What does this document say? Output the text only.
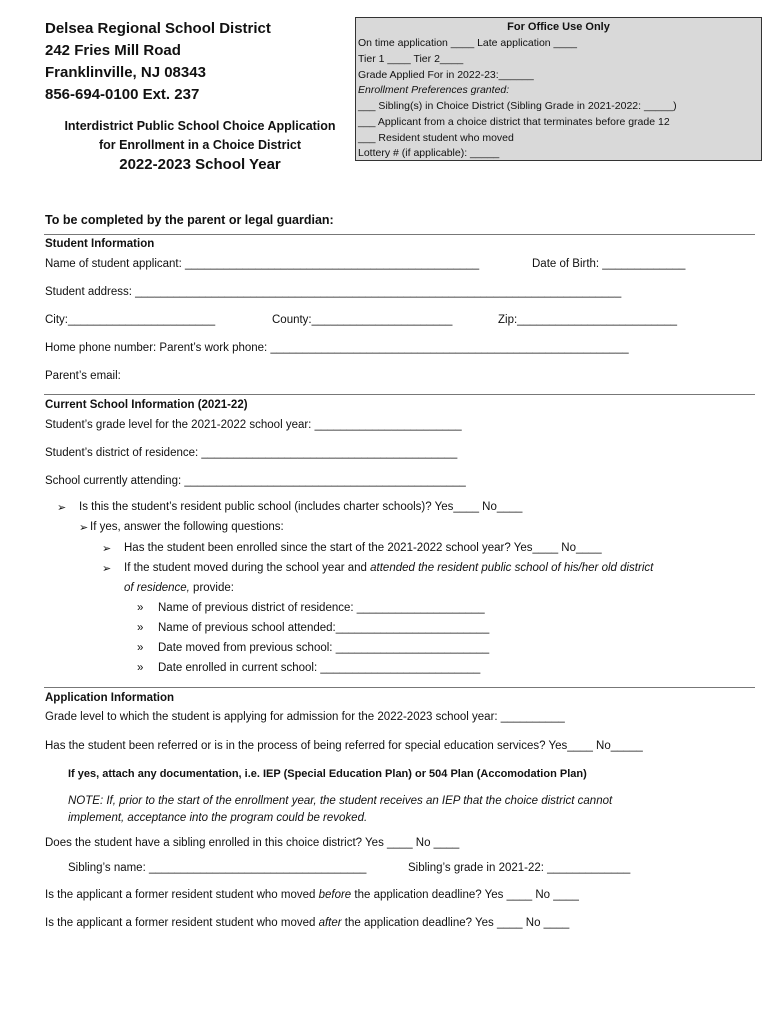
Delsea Regional School District
242 Fries Mill Road
Franklinville, NJ 08343
856-694-0100 Ext. 237
Interdistrict Public School Choice Application
for Enrollment in a Choice District
2022-2023 School Year
For Office Use Only
On time application ____ Late application ____
Tier 1 ____ Tier 2____
Grade Applied For in 2022-23:______
Enrollment Preferences granted:
___ Sibling(s) in Choice District (Sibling Grade in 2021-2022: _____)
___ Applicant from a choice district that terminates before grade 12
___ Resident student who moved
Lottery # (if applicable): _____
To be completed by the parent or legal guardian:
Student Information
Name of student applicant: ______________________________________________	Date of Birth: _____________
Student address: ____________________________________________________________________________
City:_______________________	County:______________________	Zip:_________________________
Home phone number: Parent’s work phone: ________________________________________________________
Parent’s email:
Current School Information (2021-22)
Student’s grade level for the 2021-2022 school year: _______________________
Student’s district of residence: ________________________________________
School currently attending: ____________________________________________
➢ Is this the student’s resident public school (includes charter schools)? Yes____ No____
➢ If yes, answer the following questions:
➢ Has the student been enrolled since the start of the 2021-2022 school year? Yes____ No____
➢ If the student moved during the school year and attended the resident public school of his/her old district
of residence, provide:
» Name of previous district of residence: ____________________
» Name of previous school attended:________________________
» Date moved from previous school: ________________________
» Date enrolled in current school: _________________________
Application Information
Grade level to which the student is applying for admission for the 2022-2023 school year: __________
Has the student been referred or is in the process of being referred for special education services? Yes____ No_____
If yes, attach any documentation, i.e. IEP (Special Education Plan) or 504 Plan (Accomodation Plan)
NOTE: If, prior to the start of the enrollment year, the student receives an IEP that the choice district cannot
implement, acceptance into the program could be revoked.
Does the student have a sibling enrolled in this choice district? Yes ____ No ____
Sibling’s name: __________________________________	Sibling’s grade in 2021-22: _____________
Is the applicant a former resident student who moved before the application deadline? Yes ____ No ____
Is the applicant a former resident student who moved after the application deadline? Yes ____ No ____
